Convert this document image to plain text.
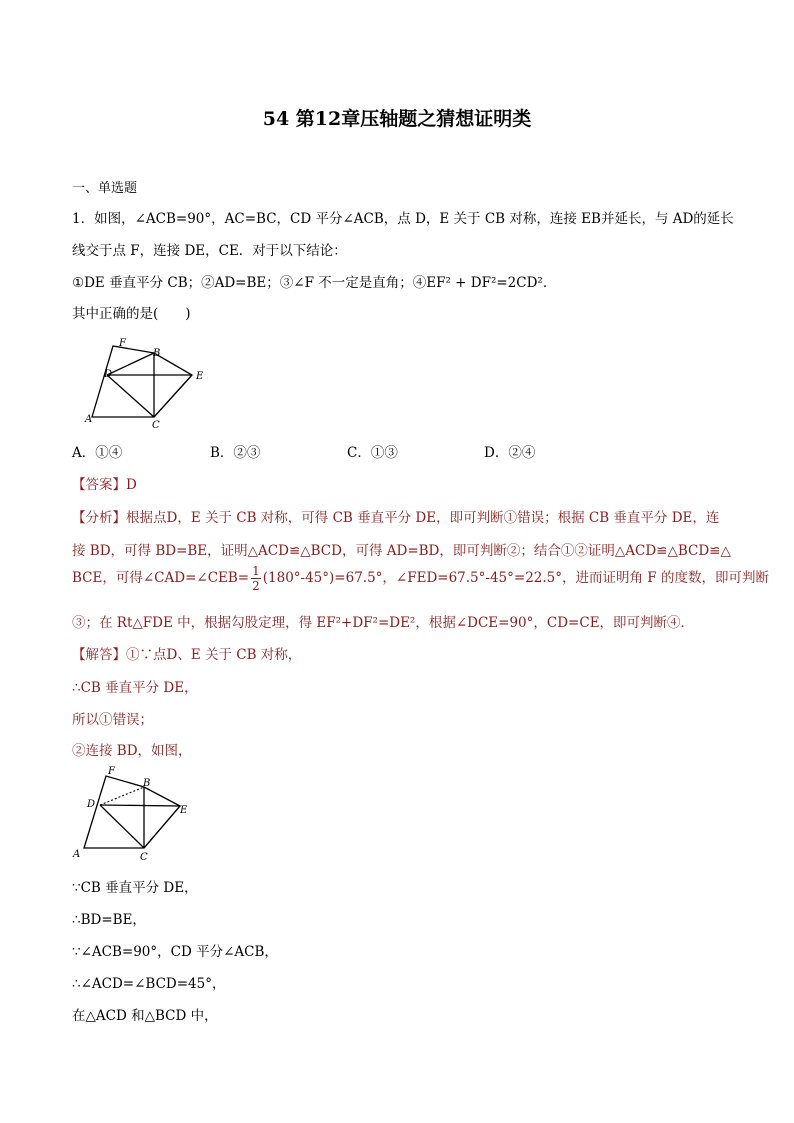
54 第12章压轴题之猜想证明类
一、单选题
1．如图，∠ACB=90°，AC=BC，CD 平分∠ACB，点 D，E 关于 CB 对称，连接 EB并延长，与 AD的延长
线交于点 F，连接 DE，CE．对于以下结论：
①DE 垂直平分 CB；②AD=BE；③∠F 不一定是直角；④EF² + DF²=2CD²．
其中正确的是(　　)
F
B
D	E
A
C
A．①④	B．②③	C．①③	D．②④
【答案】D
【分析】根据点D，E 关于 CB 对称，可得 CB 垂直平分 DE，即可判断①错误；根据 CB 垂直平分 DE，连
接 BD，可得 BD=BE，证明△ACD≌△BCD，可得 AD=BD，即可判断②；结合①②证明△ACD≌△BCD≌△
BCE，可得∠CAD=∠CEB= $\frac{1}{2} (180^\circ-45^\circ)=67.5^\circ$，∠FED=67.5°-45°=22.5°，进而证明角 F 的度数，即可判断
③；在 Rt△FDE 中，根据勾股定理，得 EF²+DF²=DE²，根据∠DCE=90°，CD=CE，即可判断④．
【解答】①∵点D、E 关于 CB 对称，
∴CB 垂直平分 DE，
所以①错误；
②连接 BD，如图，
F
B
D
E
A	C
∵CB 垂直平分 DE，
∴BD=BE，
∵∠ACB=90°，CD 平分∠ACB，
∴∠ACD=∠BCD=45°，
在△ACD 和△BCD 中，
